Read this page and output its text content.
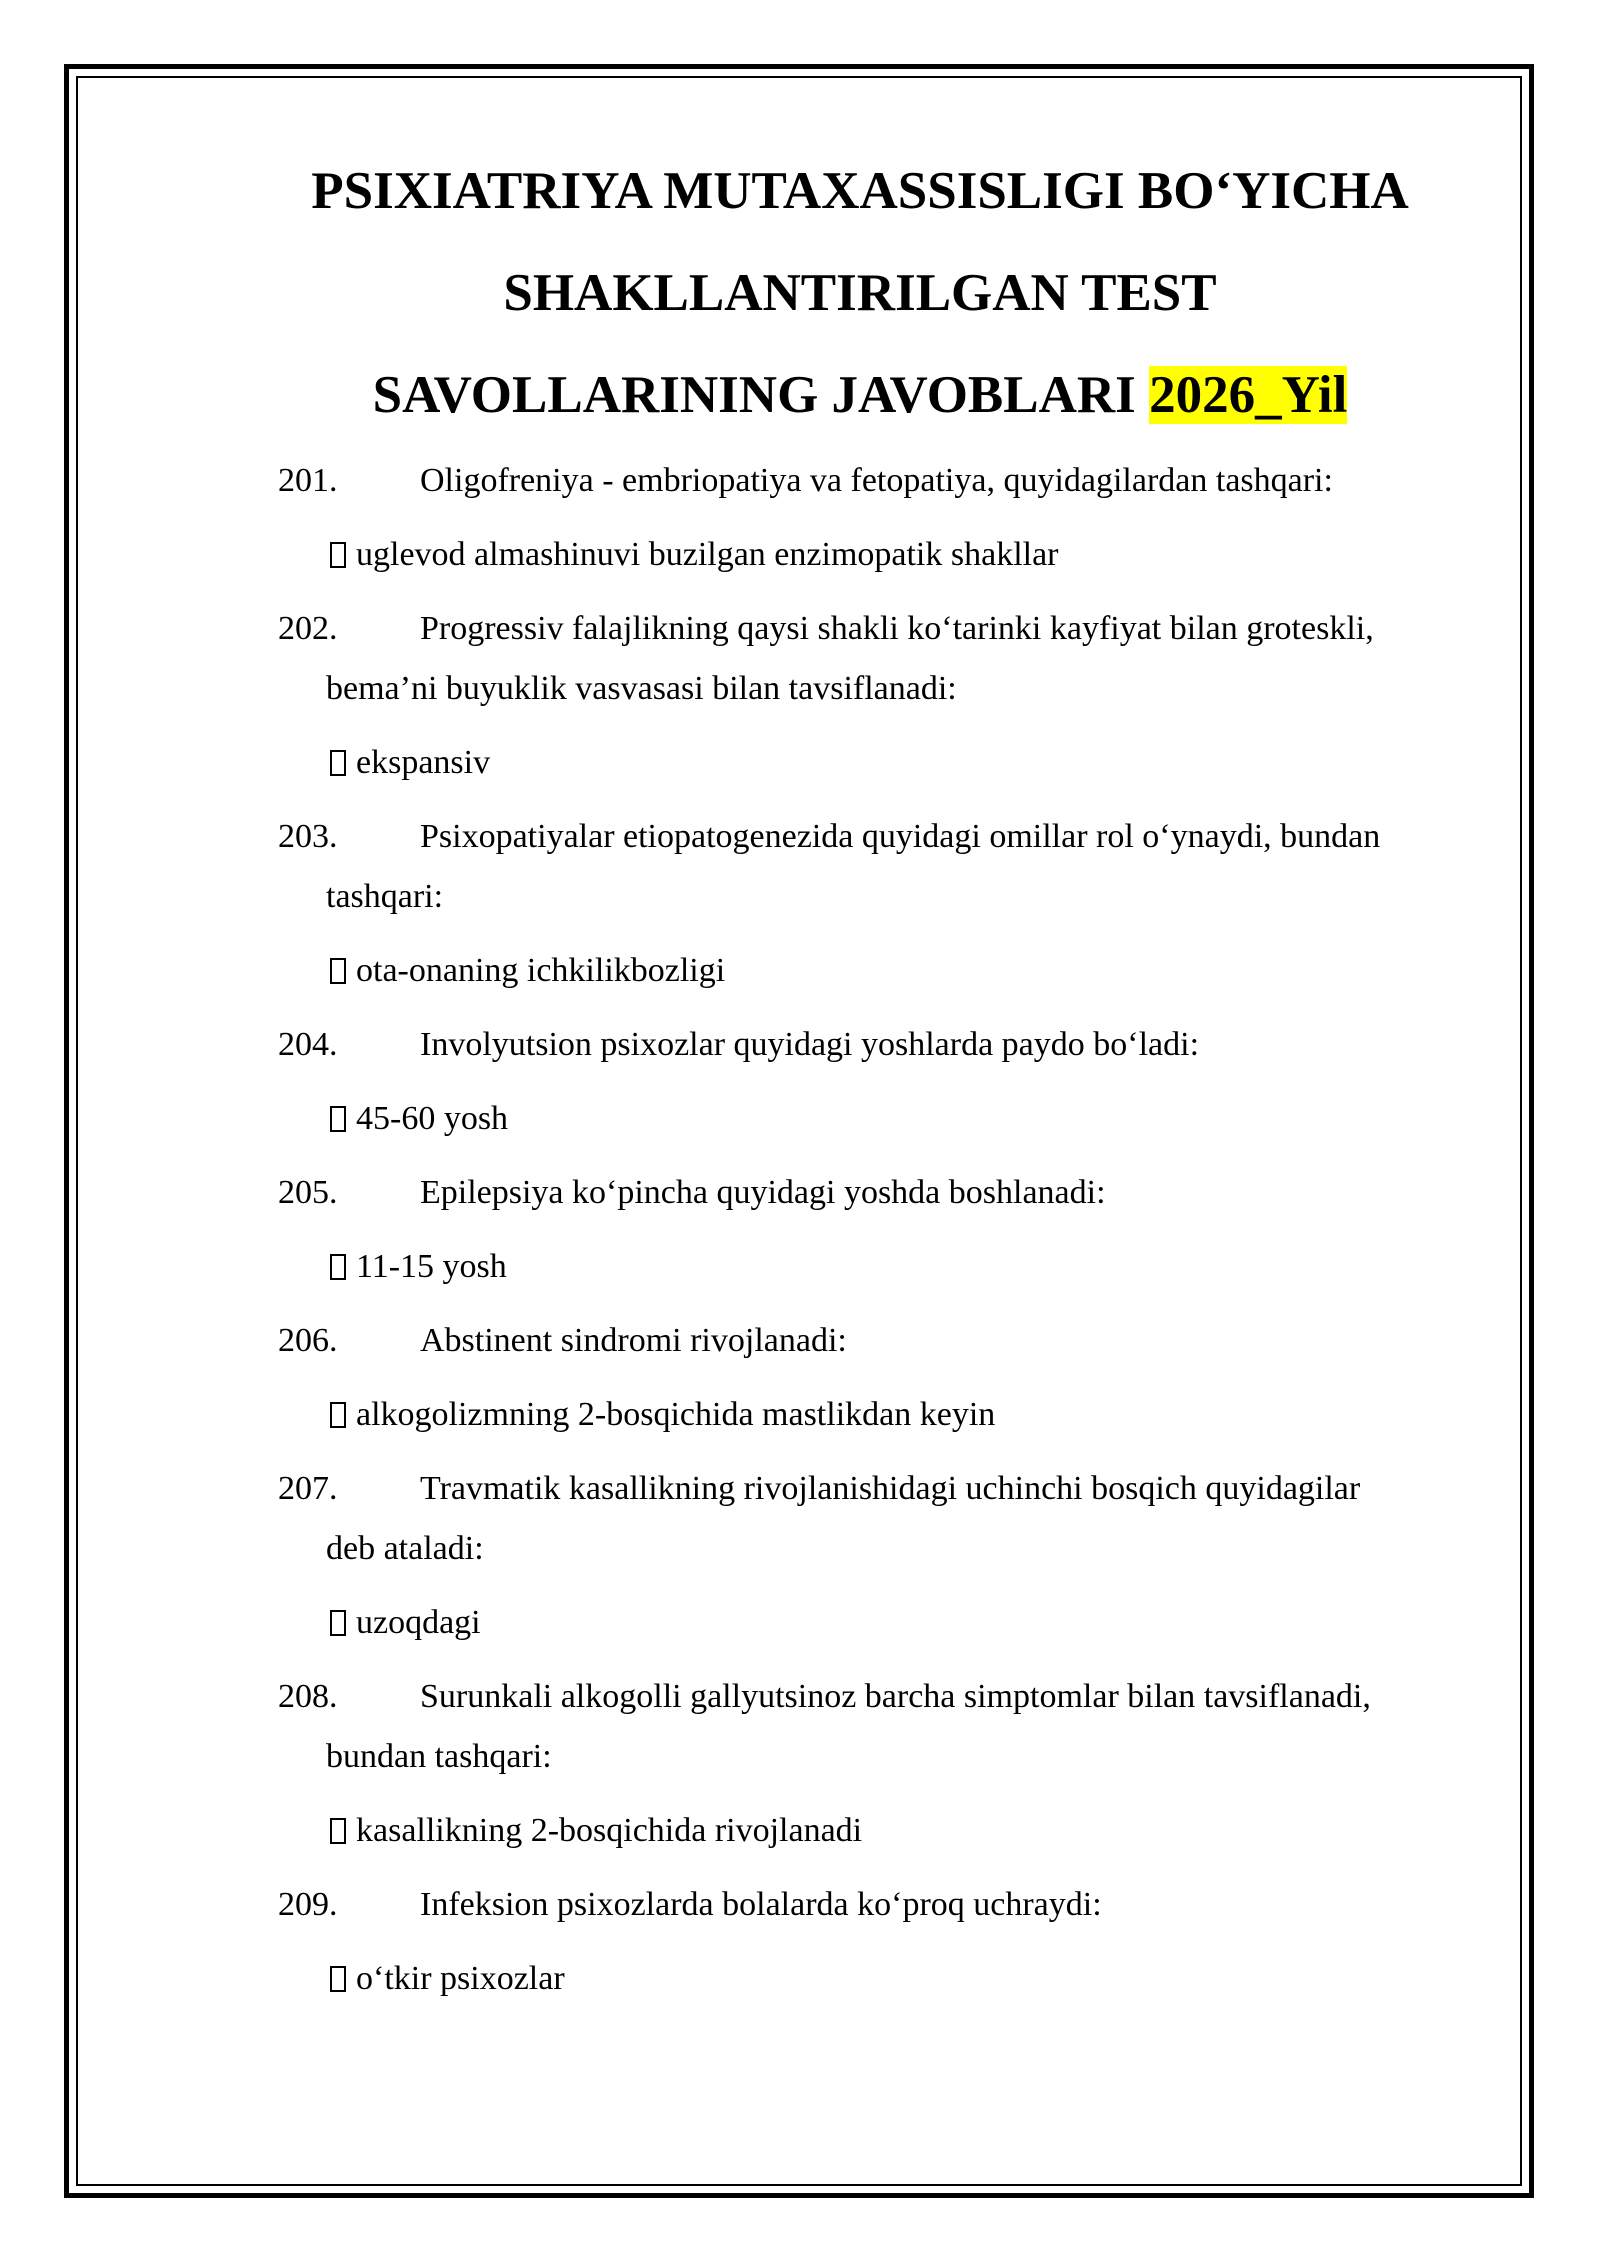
PSIXIATRIYA MUTAXASSISLIGI BO‘YICHA
SHAKLLANTIRILGAN TEST
SAVOLLARINING JAVOBLARI 2026_Yil
201.	Oligofreniya - embriopatiya va fetopatiya, quyidagilardan tashqari:
uglevod almashinuvi buzilgan enzimopatik shakllar
202.	Progressiv falajlikning qaysi shakli ko‘tarinki kayfiyat bilan groteskli,
bema’ni buyuklik vasvasasi bilan tavsiflanadi:
ekspansiv
203.	Psixopatiyalar etiopatogenezida quyidagi omillar rol o‘ynaydi, bundan
tashqari:
ota-onaning ichkilikbozligi
204.	Involyutsion psixozlar quyidagi yoshlarda paydo bo‘ladi:
45-60 yosh
205.	Epilepsiya ko‘pincha quyidagi yoshda boshlanadi:
11-15 yosh
206.	Abstinent sindromi rivojlanadi:
alkogolizmning 2-bosqichida mastlikdan keyin
207.	Travmatik kasallikning rivojlanishidagi uchinchi bosqich quyidagilar
deb ataladi:
uzoqdagi
208.	Surunkali alkogolli gallyutsinoz barcha simptomlar bilan tavsiflanadi,
bundan tashqari:
kasallikning 2-bosqichida rivojlanadi
209.	Infeksion psixozlarda bolalarda ko‘proq uchraydi:
o‘tkir psixozlar
